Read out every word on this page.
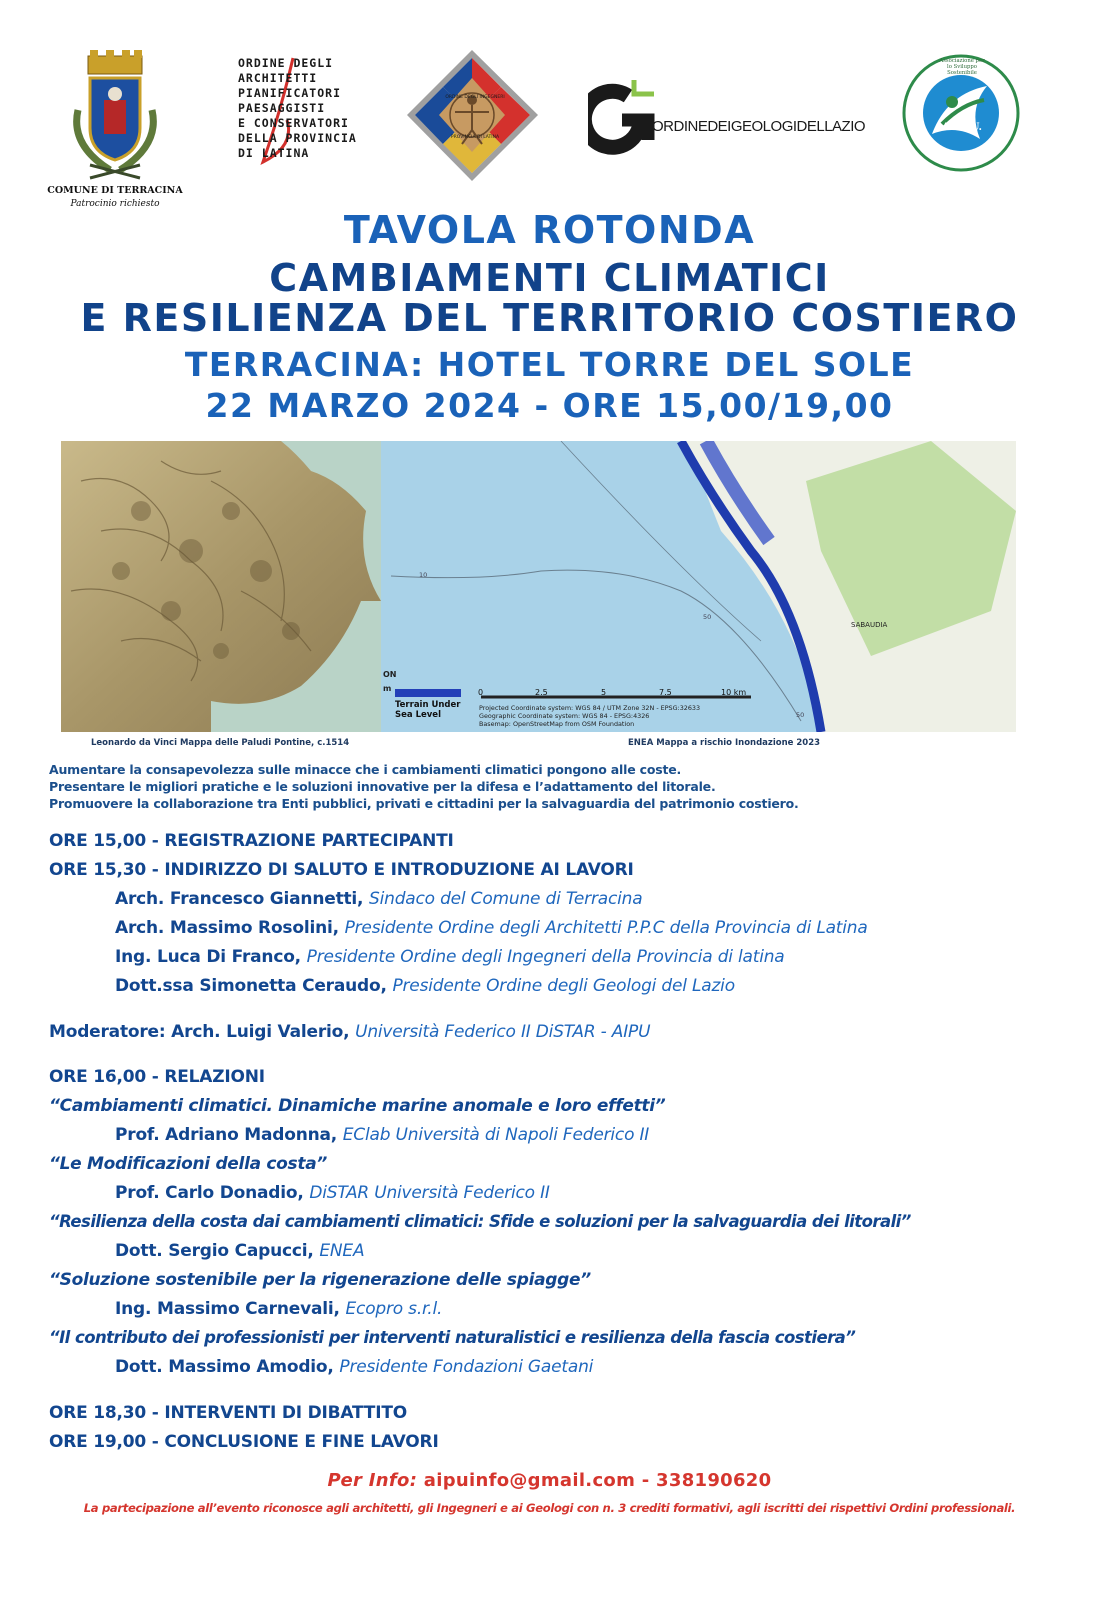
COMUNE DI TERRACINA
Patrocinio richiesto
ORDINE DEGLI
ARCHITETTI
PIANIFICATORI
PAESAGGISTI
E CONSERVATORI
DELLA PROVINCIA
DI LATINA
ORDINEDEIGEOLOGIDELLAZIO	A.I.P.U.
Associazione per lo Sviluppo Sostenibile
ORDINE DEGLI INGEGNERI
PROVINCIA DI LATINA
TAVOLA ROTONDA
CAMBIAMENTI CLIMATICI
E RESILIENZA DEL TERRITORIO COSTIERO
TERRACINA: HOTEL TORRE DEL SOLE
22 MARZO 2024 - ORE 15,00/19,00
ON
m
Terrain Under
Sea Level
0	2.5	5	7.5	10 km
Projected Coordinate system: WGS 84 / UTM Zone 32N - EPSG:32633
Geographic Coordinate system: WGS 84 - EPSG:4326
Basemap: OpenStreetMap from OSM Foundation
SABAUDIA
10
50
50
Leonardo da Vinci Mappa delle Paludi Pontine, c.1514	ENEA Mappa a rischio Inondazione 2023
Aumentare la consapevolezza sulle minacce che i cambiamenti climatici pongono alle coste.
Presentare le migliori pratiche e le soluzioni innovative per la difesa e l’adattamento del litorale.
Promuovere la collaborazione tra Enti pubblici, privati e cittadini per la salvaguardia del patrimonio costiero.
ORE 15,00 - REGISTRAZIONE PARTECIPANTI
ORE 15,30 - INDIRIZZO DI SALUTO E INTRODUZIONE AI LAVORI
Arch. Francesco Giannetti, Sindaco del Comune di Terracina
Arch. Massimo Rosolini, Presidente Ordine degli Architetti P.P.C della Provincia di Latina
Ing. Luca Di Franco, Presidente Ordine degli Ingegneri della Provincia di latina
Dott.ssa Simonetta Ceraudo, Presidente Ordine degli Geologi del Lazio
Moderatore: Arch. Luigi Valerio, Università Federico II DiSTAR - AIPU
ORE 16,00 - RELAZIONI
“Cambiamenti climatici. Dinamiche marine anomale e loro effetti”
Prof. Adriano Madonna, EClab Università di Napoli Federico II
“Le Modificazioni della costa”
Prof. Carlo Donadio, DiSTAR Università Federico II
“Resilienza della costa dai cambiamenti climatici: Sfide e soluzioni per la salvaguardia dei litorali”
Dott. Sergio Capucci, ENEA
“Soluzione sostenibile per la rigenerazione delle spiagge”
Ing. Massimo Carnevali, Ecopro s.r.l.
“Il contributo dei professionisti per interventi naturalistici e resilienza della fascia costiera”
Dott. Massimo Amodio, Presidente Fondazioni Gaetani
ORE 18,30 - INTERVENTI DI DIBATTITO
ORE 19,00 - CONCLUSIONE E FINE LAVORI
Per Info: aipuinfo@gmail.com - 338190620
La partecipazione all’evento riconosce agli architetti, gli Ingegneri e ai Geologi con n. 3 crediti formativi, agli iscritti dei rispettivi Ordini professionali.
